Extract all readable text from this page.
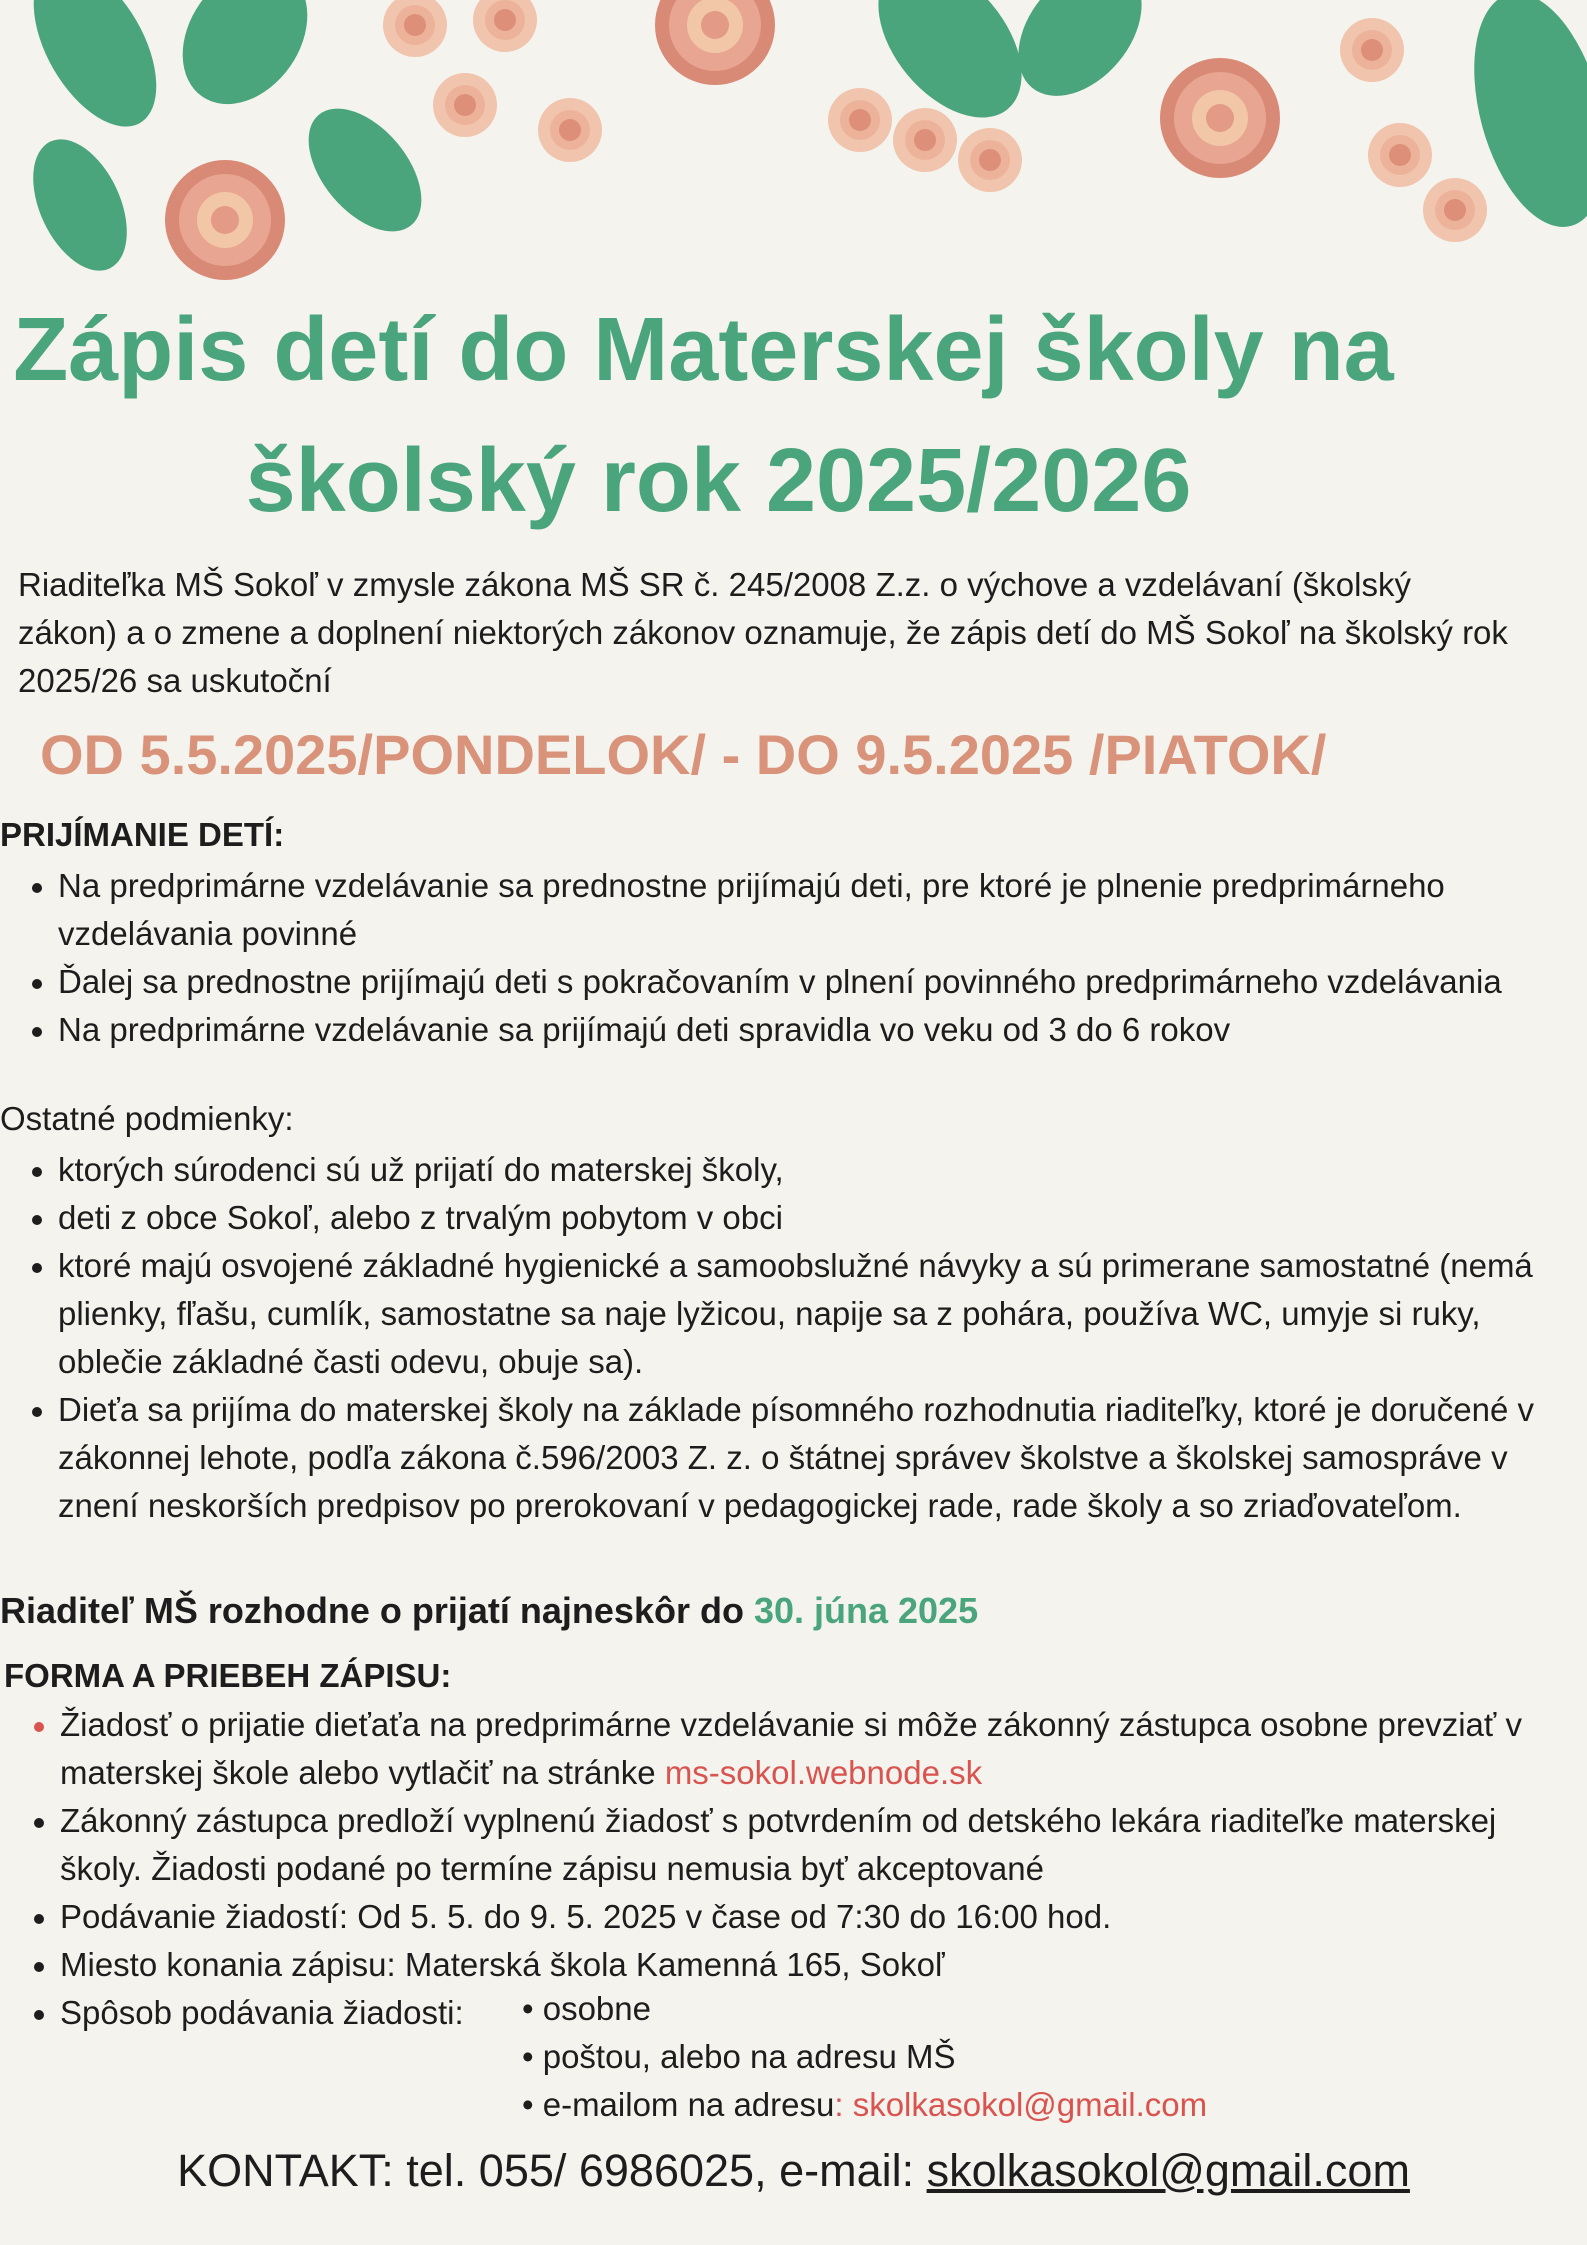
Zápis detí do Materskej školy na
školský rok 2025/2026
Riaditeľka MŠ Sokoľ v zmysle zákona MŠ SR č. 245/2008 Z.z. o výchove a vzdelávaní (školský zákon) a o zmene a doplnení niektorých zákonov oznamuje, že zápis detí do MŠ Sokoľ na školský rok 2025/26 sa uskutoční
OD 5.5.2025/PONDELOK/ - DO 9.5.2025 /PIATOK/
PRIJÍMANIE DETÍ:
Na predprimárne vzdelávanie sa prednostne prijímajú deti, pre ktoré je plnenie predprimárneho vzdelávania povinné
Ďalej sa prednostne prijímajú deti s pokračovaním v plnení povinného predprimárneho vzdelávania
Na predprimárne vzdelávanie sa prijímajú deti spravidla vo veku od 3 do 6 rokov
Ostatné podmienky:
ktorých súrodenci sú už prijatí do materskej školy,
deti z obce Sokoľ, alebo z trvalým pobytom v obci
ktoré majú osvojené základné hygienické a samoobslužné návyky a sú primerane samostatné (nemá plienky, fľašu, cumlík, samostatne sa naje lyžicou, napije sa z pohára, používa WC, umyje si ruky, oblečie základné časti odevu, obuje sa).
Dieťa sa prijíma do materskej školy na základe písomného rozhodnutia riaditeľky, ktoré je doručené v zákonnej lehote, podľa zákona č.596/2003 Z. z. o štátnej správev školstve a školskej samospráve v znení neskorších predpisov po prerokovaní v pedagogickej rade, rade školy a so zriaďovateľom.
Riaditeľ MŠ rozhodne o prijatí najneskôr do 30. júna 2025
FORMA A PRIEBEH ZÁPISU:
Žiadosť o prijatie dieťaťa na predprimárne vzdelávanie si môže zákonný zástupca osobne prevziať v materskej škole alebo vytlačiť na stránke ms-sokol.webnode.sk
Zákonný zástupca predloží vyplnenú žiadosť s potvrdením od detského lekára riaditeľke materskej školy. Žiadosti podané po termíne zápisu nemusia byť akceptované
Podávanie žiadostí: Od 5. 5. do 9. 5. 2025 v čase od 7:30 do 16:00 hod.
Miesto konania zápisu: Materská škola Kamenná 165, Sokoľ
Spôsob podávania žiadosti:	• osobne
• poštou, alebo na adresu MŠ
• e-mailom na adresu: skolkasokol@gmail.com
KONTAKT: tel. 055/ 6986025, e-mail: skolkasokol@gmail.com
